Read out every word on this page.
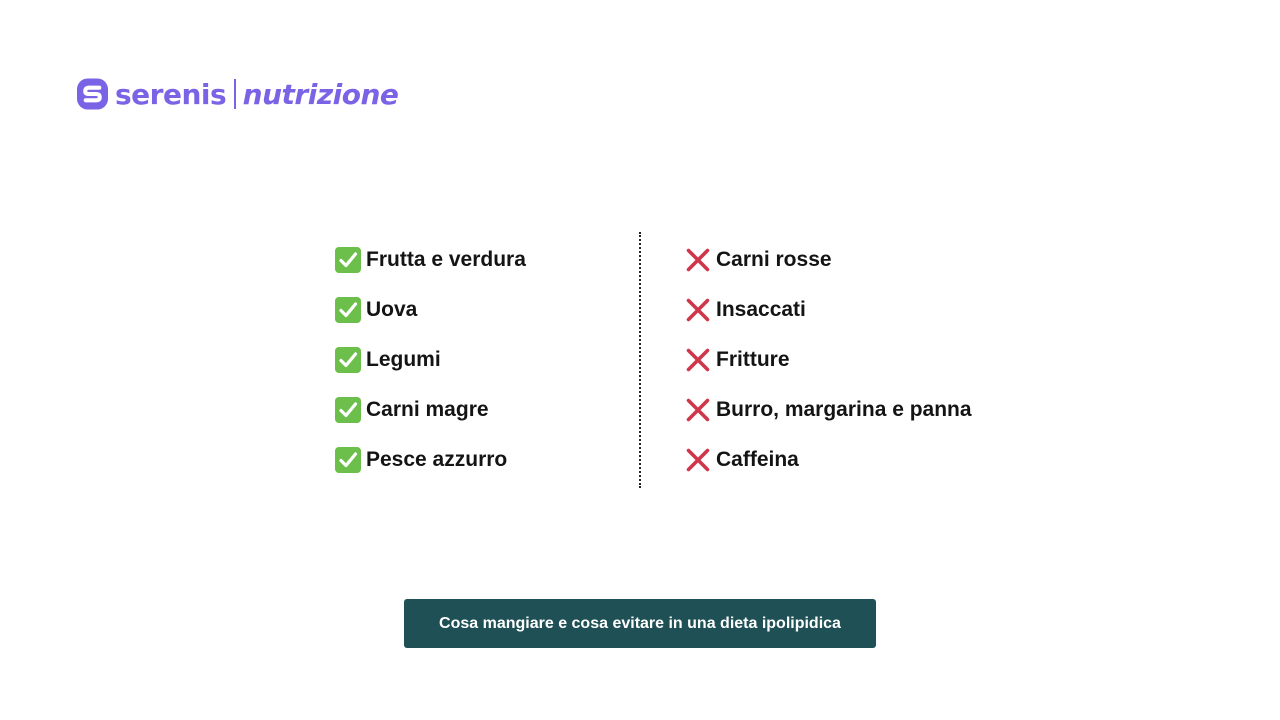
serenis nutrizione
Frutta e verdura
Uova
Legumi
Carni magre
Pesce azzurro
Carni rosse
Insaccati
Fritture
Burro, margarina e panna
Caffeina
Cosa mangiare e cosa evitare in una dieta ipolipidica
